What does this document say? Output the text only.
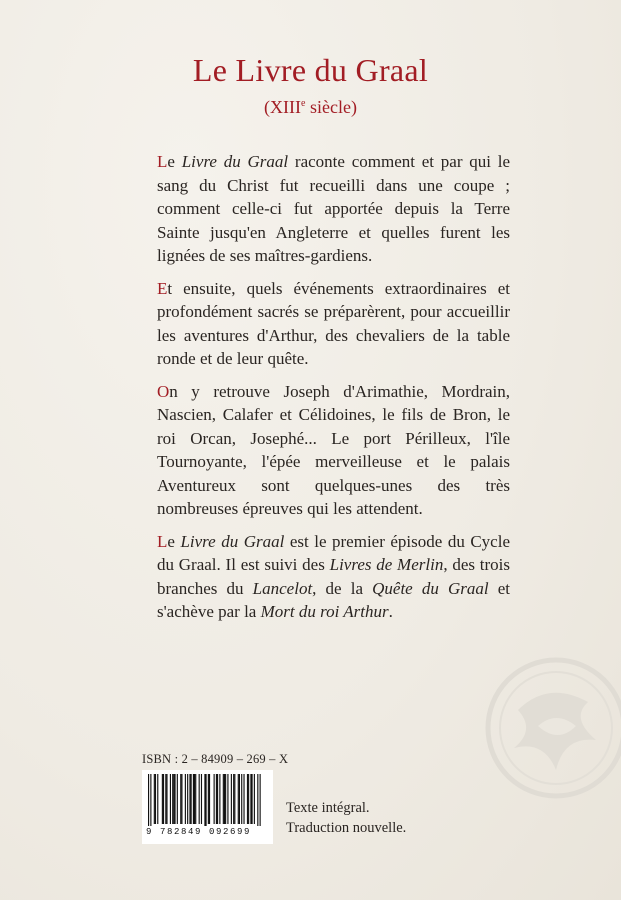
Le Livre du Graal
(XIIIe siècle)

Le Livre du Graal raconte comment et par qui le sang du Christ fut recueilli dans une coupe ; comment celle-ci fut apportée depuis la Terre Sainte jusqu'en Angleterre et quelles furent les lignées de ses maîtres-gardiens.

Et ensuite, quels événements extraordinaires et profondément sacrés se préparèrent, pour accueillir les aventures d'Arthur, des chevaliers de la table ronde et de leur quête.

On y retrouve Joseph d'Arimathie, Mordrain, Nascien, Calafer et Célidoines, le fils de Bron, le roi Orcan, Josephé... Le port Périlleux, l'île Tournoyante, l'épée merveilleuse et le palais Aventureux sont quelques-unes des très nombreuses épreuves qui les attendent.

Le Livre du Graal est le premier épisode du Cycle du Graal. Il est suivi des Livres de Merlin, des trois branches du Lancelot, de la Quête du Graal et s'achève par la Mort du roi Arthur.

ISBN : 2 – 84909 – 269 – X
9 782849 092699
Texte intégral.
Traduction nouvelle.
